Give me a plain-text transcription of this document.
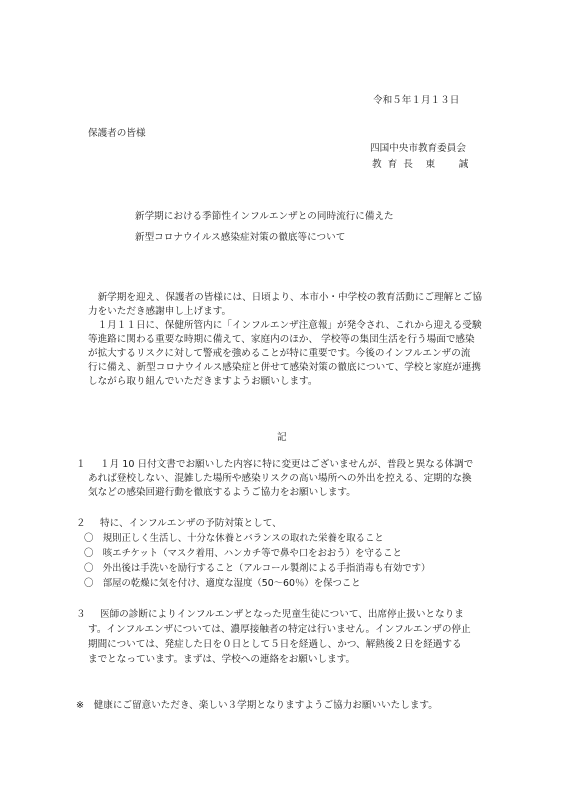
令和５年１月１３日
保護者の皆様
四国中央市教育委員会
教 育 長　東　　誠
新学期における季節性インフルエンザとの同時流行に備えた
新型コロナウイルス感染症対策の徹底等について
　新学期を迎え、保護者の皆様には、日頃より、本市小・中学校の教育活動にご理解とご協
力をいただき感謝申し上げます。
　１月１１日に、保健所管内に「インフルエンザ注意報」が発令され、これから迎える受験
等進路に関わる重要な時期に備えて、家庭内のほか、 学校等の集団生活を行う場面で感染
が拡大するリスクに対して警戒を強めることが特に重要です。今後のインフルエンザの流
行に備え、新型コロナウイルス感染症と併せて感染対策の徹底について、学校と家庭が連携
しながら取り組んでいただきますようお願いします。
記
１ １月 10 日付文書でお願いした内容に特に変更はございませんが、普段と異なる体調で
あれば登校しない、混雑した場所や感染リスクの高い場所への外出を控える、定期的な換
気などの感染回避行動を徹底するようご協力をお願いします。
２ 特に、インフルエンザの予防対策として、
〇　規則正しく生活し、十分な休養とバランスの取れた栄養を取ること
〇　咳エチケット（マスク着用、ハンカチ等で鼻や口をおおう）を守ること
〇　外出後は手洗いを励行すること（アルコール製剤による手指消毒も有効です）
〇　部屋の乾燥に気を付け、適度な湿度（50～60％）を保つこと
３ 医師の診断によりインフルエンザとなった児童生徒について、出席停止扱いとなりま
す。インフルエンザについては、濃厚接触者の特定は行いません。インフルエンザの停止
期間については、発症した日を０日として５日を経過し、かつ、解熱後２日を経過する
までとなっています。まずは、学校への連絡をお願いします。
※　健康にご留意いただき、楽しい３学期となりますようご協力お願いいたします。
